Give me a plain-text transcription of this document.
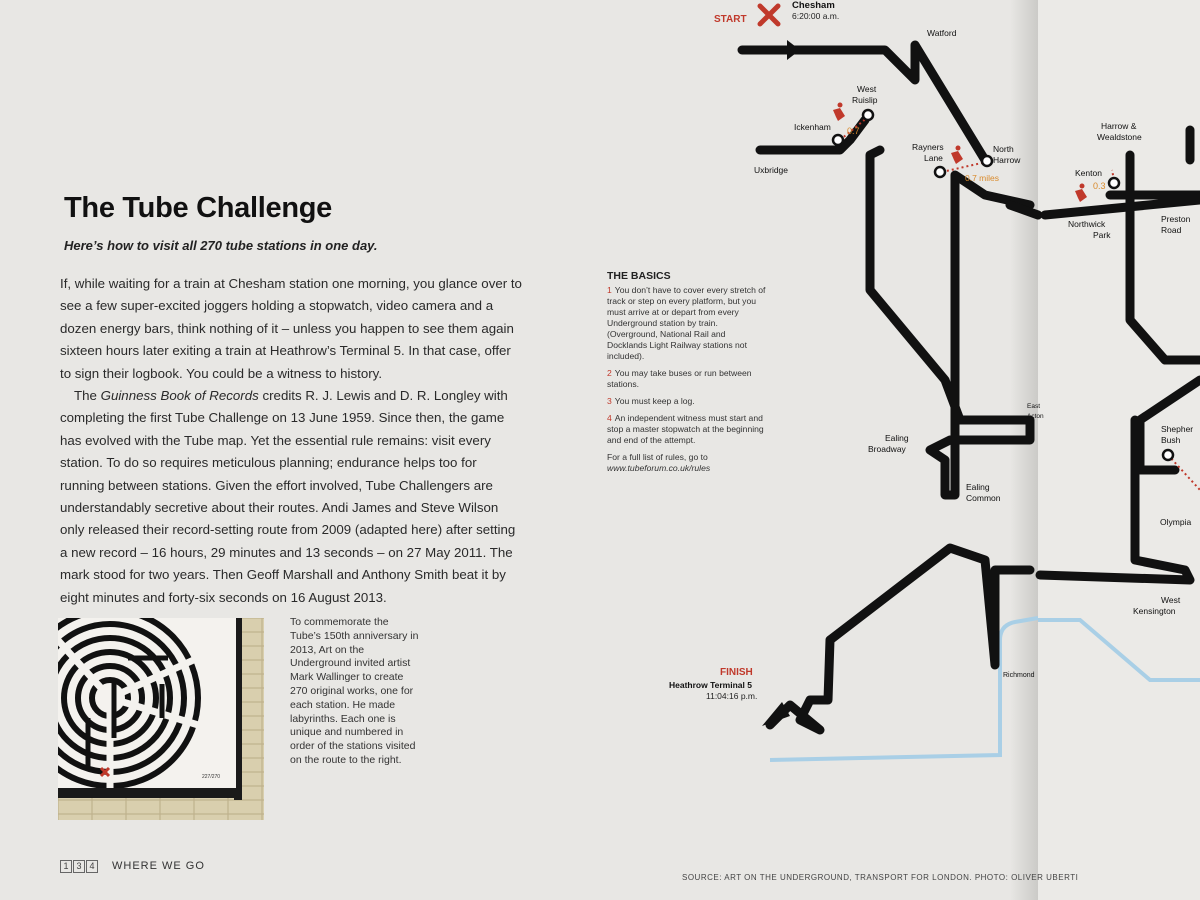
The Tube Challenge
Here’s how to visit all 270 tube stations in one day.

If, while waiting for a train at Chesham station one morning, you glance over to see a few super-excited joggers holding a stopwatch, video camera and a dozen energy bars, think nothing of it – unless you happen to see them again sixteen hours later exiting a train at Heathrow’s Terminal 5. In that case, offer to sign their logbook. You could be a witness to history.

The Guinness Book of Records credits R. J. Lewis and D. R. Longley with completing the first Tube Challenge on 13 June 1959. Since then, the game has evolved with the Tube map. Yet the essential rule remains: visit every station. To do so requires meticulous planning; endurance helps too for running between stations. Given the effort involved, Tube Challengers are understandably secretive about their routes. Andi James and Steve Wilson only released their record-setting route from 2009 (adapted here) after setting a new record – 16 hours, 29 minutes and 13 seconds – on 27 May 2011. The mark stood for two years. Then Geoff Marshall and Anthony Smith beat it by eight minutes and forty-six seconds on 16 August 2013.

227/270
To commemorate the Tube’s 150th anniversary in 2013, Art on the Underground invited artist Mark Wallinger to create 270 original works, one for each station. He made labyrinths. Each one is unique and numbered in order of the stations visited on the route to the right.
THE BASICS
1 You don’t have to cover every stretch of track or step on every platform, but you must arrive at or depart from every Underground station by train. (Overground, National Rail and Docklands Light Railway stations not included).
2 You may take buses or run between stations.
3 You must keep a log.
4 An independent witness must start and stop a master stopwatch at the beginning and end of the attempt.
For a full list of rules, go to
www.tubeforum.co.uk/rules
START
Chesham
6:20:00 a.m.
FINISH
Heathrow Terminal 5
11:04:16 p.m.
0.7
0.7 miles
0.3
Watford
West
Ruislip
Ickenham
Uxbridge
North
Harrow
Rayners
Lane
East
Acton
Ealing
Broadway
Ealing
Common
Richmond
Harrow &
Wealdstone
Kenton
Northwick
Park
Preston
Road
Shepher
Bush
Olympia
West
Kensington
1 3 4	WHERE WE GO
SOURCE: ART ON THE UNDERGROUND, TRANSPORT FOR LONDON. PHOTO: OLIVER UBERTI
